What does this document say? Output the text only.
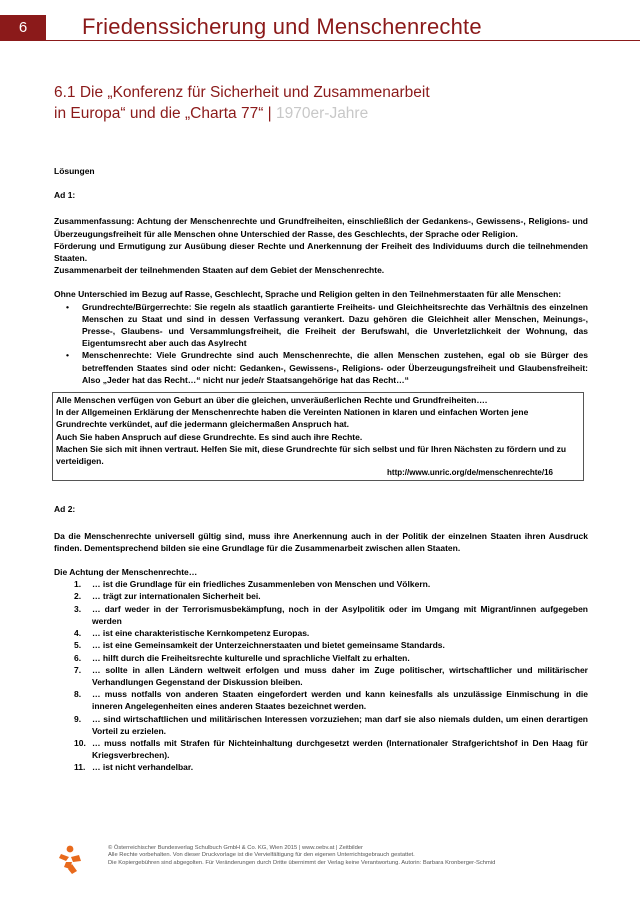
6	Friedenssicherung und Menschenrechte
6.1 Die „Konferenz für Sicherheit und Zusammenarbeit
in Europa“ und die „Charta 77“ | 1970er-Jahre

Lösungen

Ad 1:

Zusammenfassung: Achtung der Menschenrechte und Grundfreiheiten, einschließlich der Gedankens-, Gewissens-, Religions- und Überzeugungsfreiheit für alle Menschen ohne Unterschied der Rasse, des Geschlechts, der Sprache oder Religion.

Förderung und Ermutigung zur Ausübung dieser Rechte und Anerkennung der Freiheit des Individuums durch die teilnehmenden Staaten.

Zusammenarbeit der teilnehmenden Staaten auf dem Gebiet der Menschenrechte.

Ohne Unterschied im Bezug auf Rasse, Geschlecht, Sprache und Religion gelten in den Teilnehmerstaaten für alle Menschen:

• Grundrechte/Bürgerrechte: Sie regeln als staatlich garantierte Freiheits- und Gleichheitsrechte das Verhältnis des einzelnen Menschen zu Staat und sind in dessen Verfassung verankert. Dazu gehören die Gleichheit aller Menschen, Meinungs-, Presse-, Glaubens- und Versammlungsfreiheit, die Freiheit der Berufswahl, die Unverletzlichkeit der Wohnung, das Eigentumsrecht aber auch das Asylrecht
• Menschenrechte: Viele Grundrechte sind auch Menschenrechte, die allen Menschen zustehen, egal ob sie Bürger des betreffenden Staates sind oder nicht: Gedanken-, Gewissens-, Religions- oder Überzeugungsfreiheit und Glaubensfreiheit: Also „Jeder hat das Recht…“ nicht nur jede/r Staatsangehörige hat das Recht…“

Alle Menschen verfügen von Geburt an über die gleichen, unveräußerlichen Rechte und Grundfreiheiten….

In der Allgemeinen Erklärung der Menschenrechte haben die Vereinten Nationen in klaren und einfachen Worten jene Grundrechte verkündet, auf die jedermann gleichermaßen Anspruch hat.

Auch Sie haben Anspruch auf diese Grundrechte. Es sind auch ihre Rechte.

Machen Sie sich mit ihnen vertraut. Helfen Sie mit, diese Grundrechte für sich selbst und für Ihren Nächsten zu fördern und zu verteidigen.

http://www.unric.org/de/menschenrechte/16

Ad 2:

Da die Menschenrechte universell gültig sind, muss ihre Anerkennung auch in der Politik der einzelnen Staaten ihren Ausdruck finden. Dementsprechend bilden sie eine Grundlage für die Zusammenarbeit zwischen allen Staaten.

Die Achtung der Menschenrechte…

1. … ist die Grundlage für ein friedliches Zusammenleben von Menschen und Völkern.
2. … trägt zur internationalen Sicherheit bei.
3. … darf weder in der Terrorismusbekämpfung, noch in der Asylpolitik oder im Umgang mit Migrant/innen aufgegeben werden
4. … ist eine charakteristische Kernkompetenz Europas.
5. … ist eine Gemeinsamkeit der Unterzeichnerstaaten und bietet gemeinsame Standards.
6. … hilft durch die Freiheitsrechte kulturelle und sprachliche Vielfalt zu erhalten.
7. … sollte in allen Ländern weltweit erfolgen und muss daher im Zuge politischer, wirtschaftlicher und militärischer Verhandlungen Gegenstand der Diskussion bleiben.
8. … muss notfalls von anderen Staaten eingefordert werden und kann keinesfalls als unzulässige Einmischung in die inneren Angelegenheiten eines anderen Staates bezeichnet werden.
9. … sind wirtschaftlichen und militärischen Interessen vorzuziehen; man darf sie also niemals dulden, um einen derartigen Vorteil zu erzielen.
10. … muss notfalls mit Strafen für Nichteinhaltung durchgesetzt werden (Internationaler Strafgerichtshof in Den Haag für Kriegsverbrechen).
11. … ist nicht verhandelbar.
© Österreichischer Bundesverlag Schulbuch GmbH & Co. KG, Wien 2015 | www.oebv.at | Zeitbilder
Alle Rechte vorbehalten. Von dieser Druckvorlage ist die Vervielfältigung für den eigenen Unterrichtsgebrauch gestattet.
Die Kopiergebühren sind abgegolten. Für Veränderungen durch Dritte übernimmt der Verlag keine Verantwortung. Autorin: Barbara Kronberger-Schmid
